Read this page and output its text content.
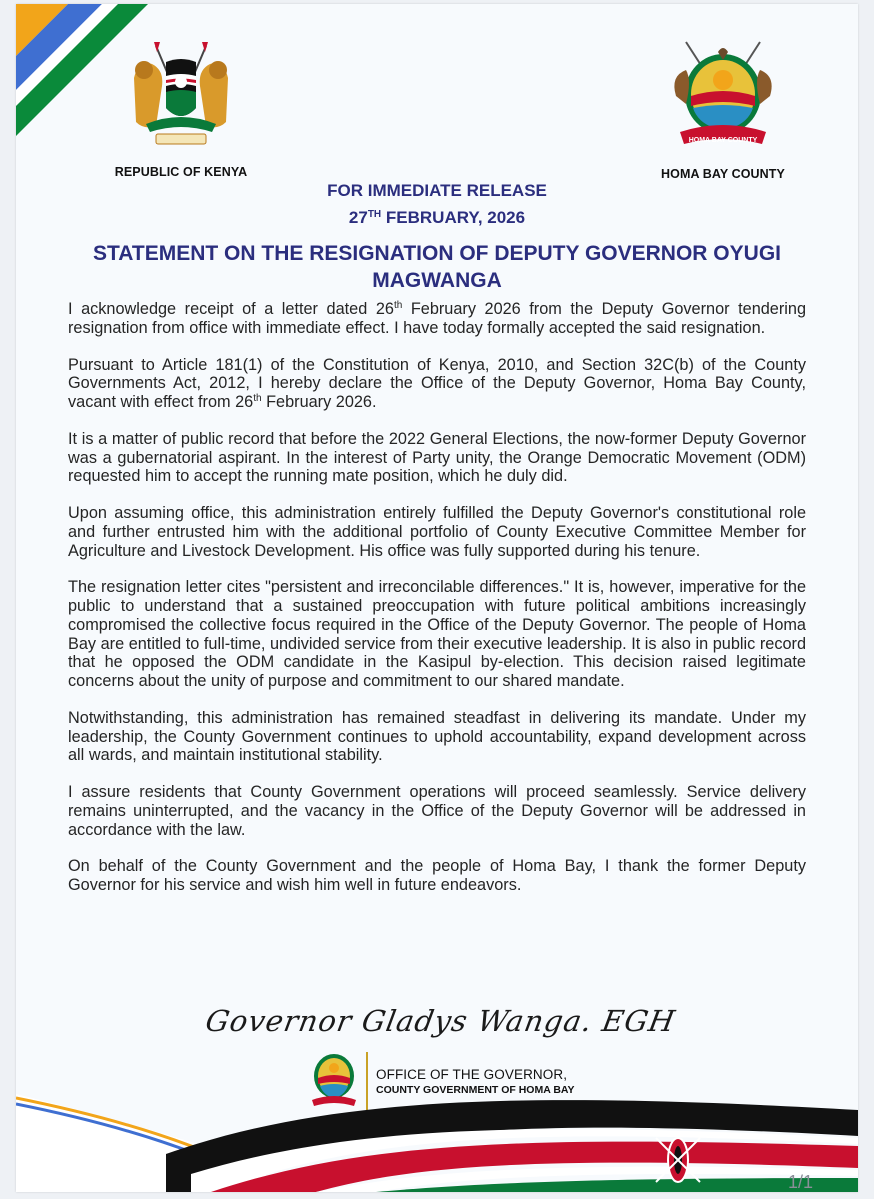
REPUBLIC OF KENYA
HOMA BAY COUNTY
HOMA BAY COUNTY
FOR IMMEDIATE RELEASE
27TH FEBRUARY, 2026
STATEMENT ON THE RESIGNATION OF DEPUTY GOVERNOR OYUGI MAGWANGA

I acknowledge receipt of a letter dated 26th February 2026 from the Deputy Governor tendering resignation from office with immediate effect. I have today formally accepted the said resignation.

Pursuant to Article 181(1) of the Constitution of Kenya, 2010, and Section 32C(b) of the County Governments Act, 2012, I hereby declare the Office of the Deputy Governor, Homa Bay County, vacant with effect from 26th February 2026.

It is a matter of public record that before the 2022 General Elections, the now-former Deputy Governor was a gubernatorial aspirant. In the interest of Party unity, the Orange Democratic Movement (ODM) requested him to accept the running mate position, which he duly did.

Upon assuming office, this administration entirely fulfilled the Deputy Governor's constitutional role and further entrusted him with the additional portfolio of County Executive Committee Member for Agriculture and Livestock Development. His office was fully supported during his tenure.

The resignation letter cites "persistent and irreconcilable differences." It is, however, imperative for the public to understand that a sustained preoccupation with future political ambitions increasingly compromised the collective focus required in the Office of the Deputy Governor. The people of Homa Bay are entitled to full-time, undivided service from their executive leadership. It is also in public record that he opposed the ODM candidate in the Kasipul by-election. This decision raised legitimate concerns about the unity of purpose and commitment to our shared mandate.

Notwithstanding, this administration has remained steadfast in delivering its mandate. Under my leadership, the County Government continues to uphold accountability, expand development across all wards, and maintain institutional stability.

I assure residents that County Government operations will proceed seamlessly. Service delivery remains uninterrupted, and the vacancy in the Office of the Deputy Governor will be addressed in accordance with the law.

On behalf of the County Government and the people of Homa Bay, I thank the former Deputy Governor for his service and wish him well in future endeavors.

Governor Gladys Wanga. EGH
OFFICE OF THE GOVERNOR,
COUNTY GOVERNMENT OF HOMA BAY
1/1
